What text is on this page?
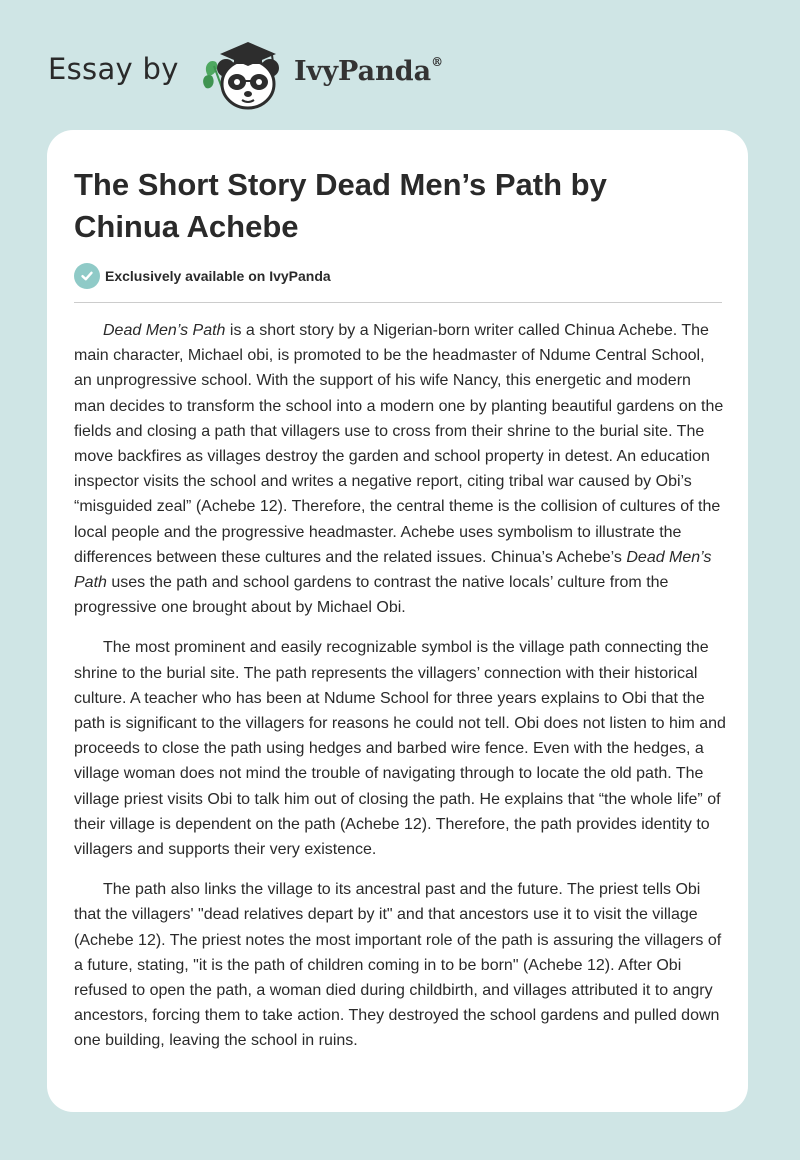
Essay by	IvyPanda®
The Short Story Dead Men’s Path by Chinua Achebe
Exclusively available on IvyPanda

Dead Men’s Path is a short story by a Nigerian-born writer called Chinua Achebe. The main character, Michael obi, is promoted to be the headmaster of Ndume Central School, an unprogressive school. With the support of his wife Nancy, this energetic and modern man decides to transform the school into a modern one by planting beautiful gardens on the fields and closing a path that villagers use to cross from their shrine to the burial site. The move backfires as villages destroy the garden and school property in detest. An education inspector visits the school and writes a negative report, citing tribal war caused by Obi’s “misguided zeal” (Achebe 12). Therefore, the central theme is the collision of cultures of the local people and the progressive headmaster. Achebe uses symbolism to illustrate the differences between these cultures and the related issues. Chinua’s Achebe’s Dead Men’s Path uses the path and school gardens to contrast the native locals’ culture from the progressive one brought about by Michael Obi.

The most prominent and easily recognizable symbol is the village path connecting the shrine to the burial site. The path represents the villagers’ connection with their historical culture. A teacher who has been at Ndume School for three years explains to Obi that the path is significant to the villagers for reasons he could not tell. Obi does not listen to him and proceeds to close the path using hedges and barbed wire fence. Even with the hedges, a village woman does not mind the trouble of navigating through to locate the old path. The village priest visits Obi to talk him out of closing the path. He explains that “the whole life” of their village is dependent on the path (Achebe 12). Therefore, the path provides identity to villagers and supports their very existence.

The path also links the village to its ancestral past and the future. The priest tells Obi that the villagers' "dead relatives depart by it" and that ancestors use it to visit the village (Achebe 12). The priest notes the most important role of the path is assuring the villagers of a future, stating, "it is the path of children coming in to be born" (Achebe 12). After Obi refused to open the path, a woman died during childbirth, and villages attributed it to angry ancestors, forcing them to take action. They destroyed the school gardens and pulled down one building, leaving the school in ruins.
